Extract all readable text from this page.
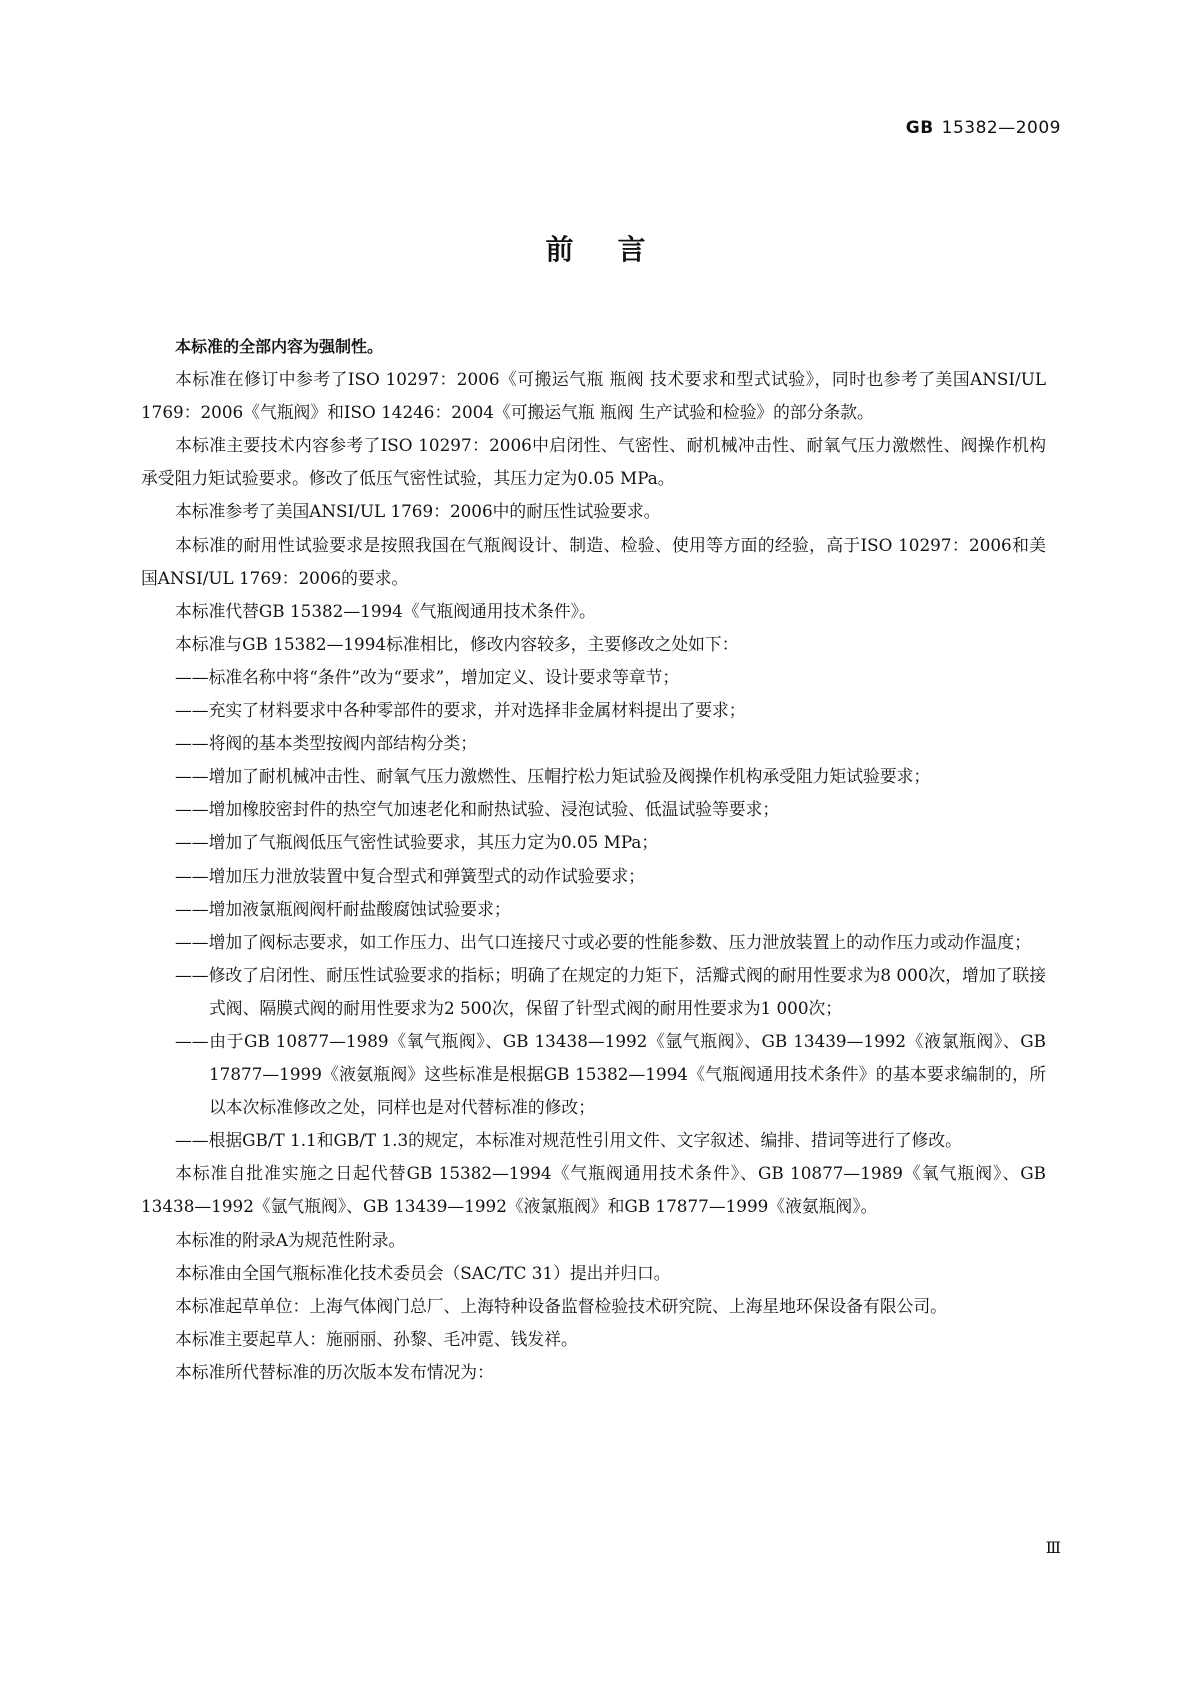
GB 15382—2009
前言

本标准的全部内容为强制性。

本标准在修订中参考了ISO 10297：2006《可搬运气瓶 瓶阀 技术要求和型式试验》，同时也参考了美国ANSI/UL 1769：2006《气瓶阀》和ISO 14246：2004《可搬运气瓶 瓶阀 生产试验和检验》的部分条款。

本标准主要技术内容参考了ISO 10297：2006中启闭性、气密性、耐机械冲击性、耐氧气压力激燃性、阀操作机构承受阻力矩试验要求。修改了低压气密性试验，其压力定为0.05 MPa。

本标准参考了美国ANSI/UL 1769：2006中的耐压性试验要求。

本标准的耐用性试验要求是按照我国在气瓶阀设计、制造、检验、使用等方面的经验，高于ISO 10297：2006和美国ANSI/UL 1769：2006的要求。

本标准代替GB 15382—1994《气瓶阀通用技术条件》。

本标准与GB 15382—1994标准相比，修改内容较多，主要修改之处如下：

——标准名称中将“条件”改为“要求”，增加定义、设计要求等章节；

——充实了材料要求中各种零部件的要求，并对选择非金属材料提出了要求；

——将阀的基本类型按阀内部结构分类；

——增加了耐机械冲击性、耐氧气压力激燃性、压帽拧松力矩试验及阀操作机构承受阻力矩试验要求；

——增加橡胶密封件的热空气加速老化和耐热试验、浸泡试验、低温试验等要求；

——增加了气瓶阀低压气密性试验要求，其压力定为0.05 MPa；

——增加压力泄放装置中复合型式和弹簧型式的动作试验要求；

——增加液氯瓶阀阀杆耐盐酸腐蚀试验要求；

——增加了阀标志要求，如工作压力、出气口连接尺寸或必要的性能参数、压力泄放装置上的动作压力或动作温度；

——修改了启闭性、耐压性试验要求的指标；明确了在规定的力矩下，活瓣式阀的耐用性要求为8 000次，增加了联接式阀、隔膜式阀的耐用性要求为2 500次，保留了针型式阀的耐用性要求为1 000次；

——由于GB 10877—1989《氧气瓶阀》、GB 13438—1992《氩气瓶阀》、GB 13439—1992《液氯瓶阀》、GB 17877—1999《液氨瓶阀》这些标准是根据GB 15382—1994《气瓶阀通用技术条件》的基本要求编制的，所以本次标准修改之处，同样也是对代替标准的修改；

——根据GB/T 1.1和GB/T 1.3的规定，本标准对规范性引用文件、文字叙述、编排、措词等进行了修改。

本标准自批准实施之日起代替GB 15382—1994《气瓶阀通用技术条件》、GB 10877—1989《氧气瓶阀》、GB 13438—1992《氩气瓶阀》、GB 13439—1992《液氯瓶阀》和GB 17877—1999《液氨瓶阀》。

本标准的附录A为规范性附录。

本标准由全国气瓶标准化技术委员会（SAC/TC 31）提出并归口。

本标准起草单位：上海气体阀门总厂、上海特种设备监督检验技术研究院、上海星地环保设备有限公司。

本标准主要起草人：施丽丽、孙黎、毛冲霓、钱发祥。

本标准所代替标准的历次版本发布情况为：

Ⅲ
